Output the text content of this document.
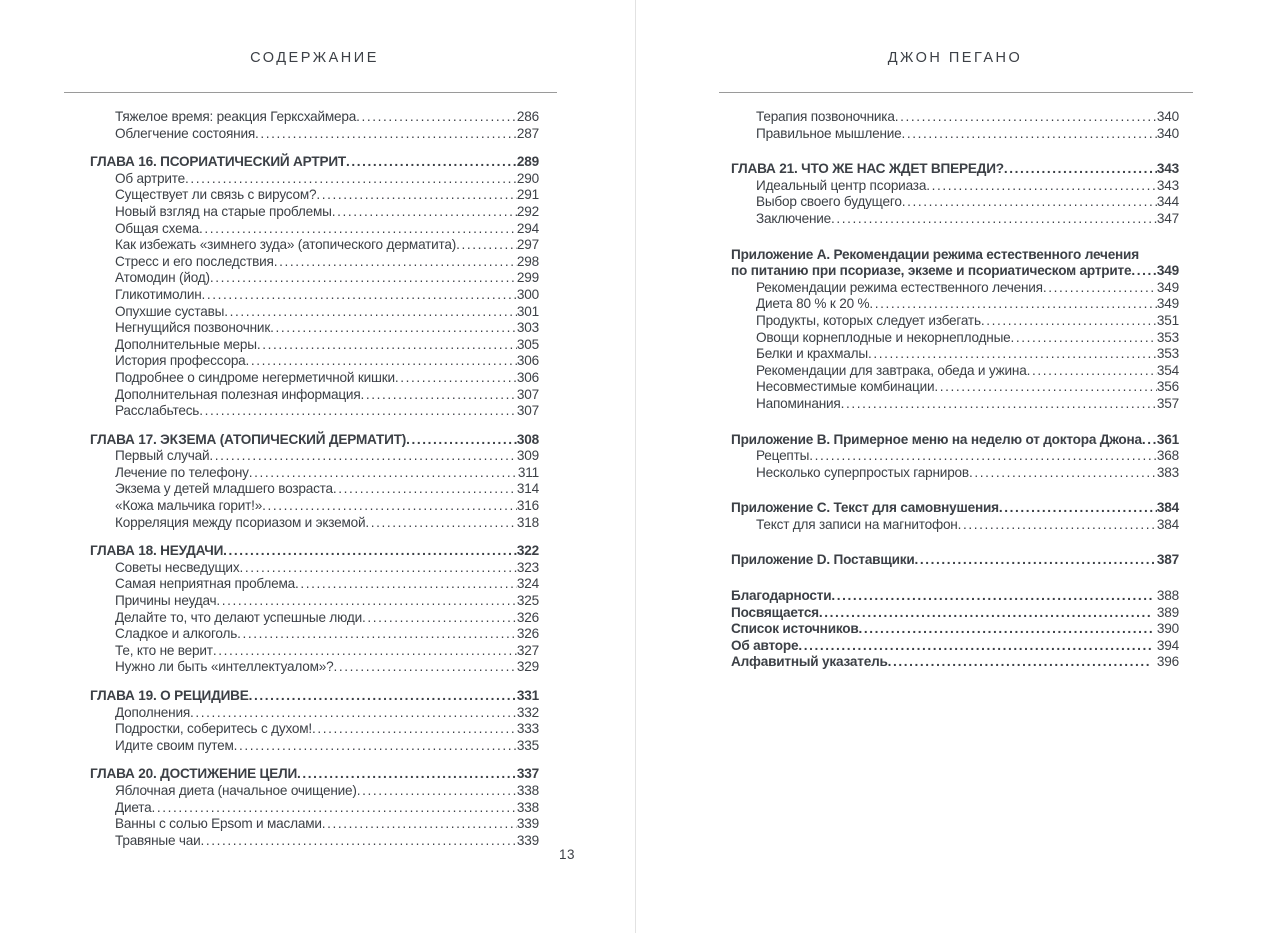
СОДЕРЖАНИЕ
Тяжелое время: реакция Герксхаймера .....	286
Облегчение состояния .....	287
ГЛАВА 16. ПСОРИАТИЧЕСКИЙ АРТРИТ .....	289
Об артрите .....	290
Существует ли связь с вирусом? .....	291
Новый взгляд на старые проблемы .....	292
Общая схема .....	294
Как избежать «зимнего зуда» (атопического дерматита) .....	297
Стресс и его последствия .....	298
Атомодин (йод) .....	299
Гликотимолин .....	300
Опухшие суставы .....	301
Негнущийся позвоночник .....	303
Дополнительные меры .....	305
История профессора .....	306
Подробнее о синдроме негерметичной кишки .....	306
Дополнительная полезная информация .....	307
Расслабьтесь .....	307
ГЛАВА 17. ЭКЗЕМА (АТОПИЧЕСКИЙ ДЕРМАТИТ) .....	308
Первый случай .....	309
Лечение по телефону .....	311
Экзема у детей младшего возраста .....	314
«Кожа мальчика горит!» .....	316
Корреляция между псориазом и экземой .....	318
ГЛАВА 18. НЕУДАЧИ .....	322
Советы несведущих .....	323
Самая неприятная проблема .....	324
Причины неудач .....	325
Делайте то, что делают успешные люди .....	326
Сладкое и алкоголь .....	326
Те, кто не верит .....	327
Нужно ли быть «интеллектуалом»? .....	329
ГЛАВА 19. О РЕЦИДИВЕ .....	331
Дополнения .....	332
Подростки, соберитесь с духом! .....	333
Идите своим путем .....	335
ГЛАВА 20. ДОСТИЖЕНИЕ ЦЕЛИ .....	337
Яблочная диета (начальное очищение) .....	338
Диета .....	338
Ванны с солью Epsom и маслами .....	339
Травяные чаи .....	339
13
ДЖОН ПЕГАНО
Терапия позвоночника .....	340
Правильное мышление .....	340
ГЛАВА 21. ЧТО ЖЕ НАС ЖДЕТ ВПЕРЕДИ? .....	343
Идеальный центр псориаза .....	343
Выбор своего будущего .....	344
Заключение .....	347
Приложение А. Рекомендации режима естественного лечения
по питанию при псориазе, экземе и псориатическом артрите ..... 349
Рекомендации режима естественного лечения .....	349
Диета 80 % к 20 % .....	349
Продукты, которых следует избегать .....	351
Овощи корнеплодные и некорнеплодные .....	353
Белки и крахмалы .....	353
Рекомендации для завтрака, обеда и ужина .....	354
Несовместимые комбинации .....	356
Напоминания .....	357
Приложение В. Примерное меню на неделю от доктора Джона ..... 361
Рецепты .....	368
Несколько суперпростых гарниров .....	383
Приложение С. Текст для самовнушения .....	384
Текст для записи на магнитофон .....	384
Приложение D. Поставщики .....	387
Благодарности .....	388
Посвящается .....	389
Список источников .....	390
Об авторе .....	394
Алфавитный указатель .....	396
